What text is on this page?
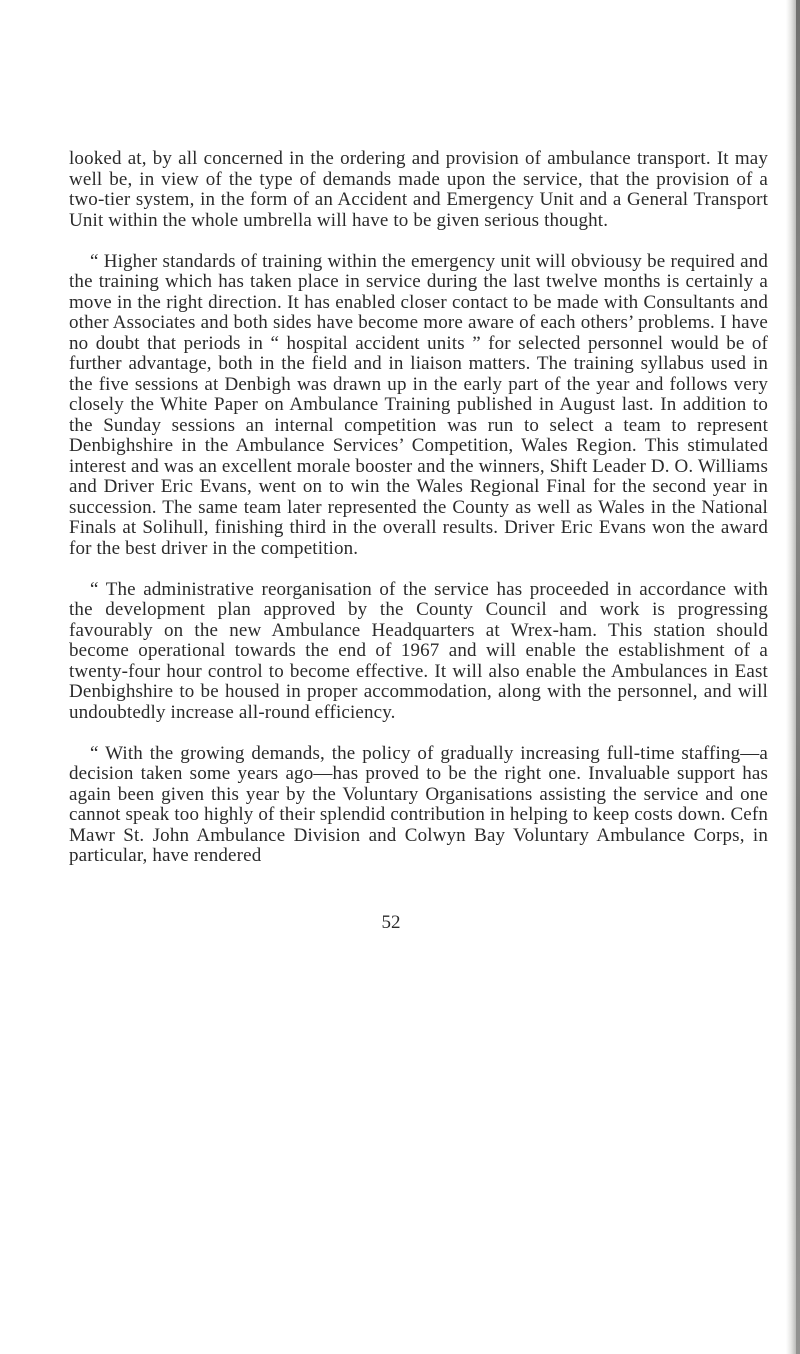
looked at, by all concerned in the ordering and provision of ambulance transport. It may well be, in view of the type of demands made upon the service, that the provision of a two-tier system, in the form of an Accident and Emergency Unit and a General Transport Unit within the whole umbrella will have to be given serious thought.

“ Higher standards of training within the emergency unit will obviousy be required and the training which has taken place in service during the last twelve months is certainly a move in the right direction. It has enabled closer contact to be made with Consultants and other Associates and both sides have become more aware of each others’ problems. I have no doubt that periods in “ hospital accident units ” for selected personnel would be of further advantage, both in the field and in liaison matters. The training syllabus used in the five sessions at Denbigh was drawn up in the early part of the year and follows very closely the White Paper on Ambulance Training published in August last. In addition to the Sunday sessions an internal competition was run to select a team to represent Denbighshire in the Ambulance Services’ Competition, Wales Region. This stimulated interest and was an excellent morale booster and the winners, Shift Leader D. O. Williams and Driver Eric Evans, went on to win the Wales Regional Final for the second year in succession. The same team later represented the County as well as Wales in the National Finals at Solihull, finishing third in the overall results. Driver Eric Evans won the award for the best driver in the competition.

“ The administrative reorganisation of the service has proceeded in accordance with the development plan approved by the County Council and work is progressing favourably on the new Ambulance Headquarters at Wrex-ham. This station should become operational towards the end of 1967 and will enable the establishment of a twenty-four hour control to become effective. It will also enable the Ambulances in East Denbighshire to be housed in proper accommodation, along with the personnel, and will undoubtedly increase all-round efficiency.

“ With the growing demands, the policy of gradually increasing full-time staffing—a decision taken some years ago—has proved to be the right one. Invaluable support has again been given this year by the Voluntary Organisations assisting the service and one cannot speak too highly of their splendid contribution in helping to keep costs down. Cefn Mawr St. John Ambulance Division and Colwyn Bay Voluntary Ambulance Corps, in particular, have rendered

52
